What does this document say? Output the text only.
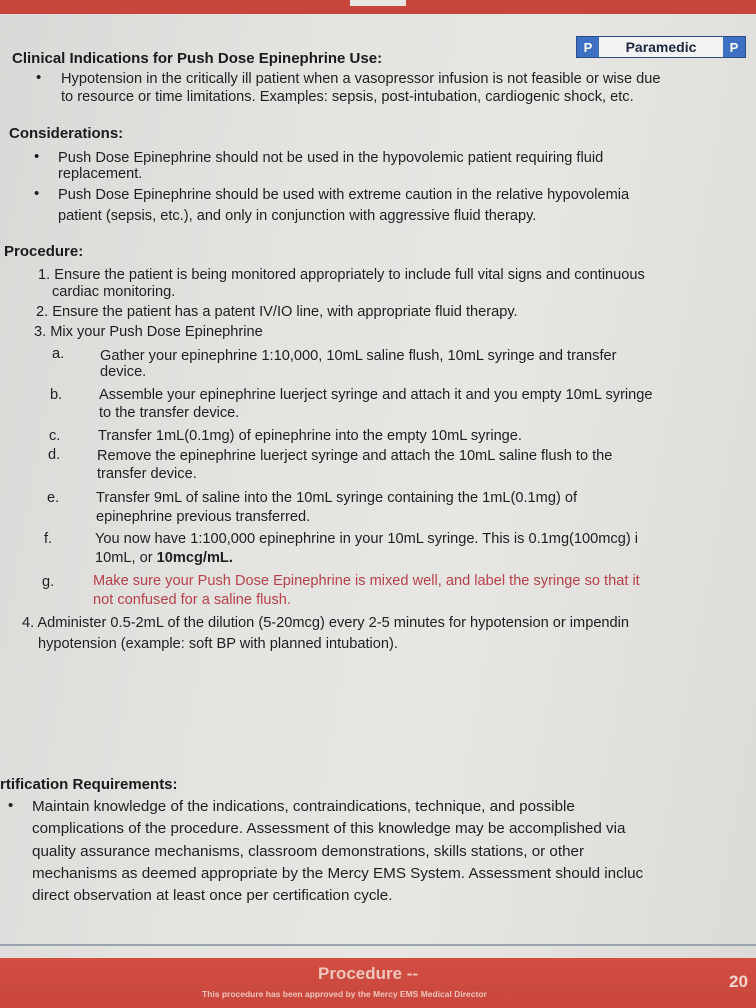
P	Paramedic	P
Clinical Indications for Push Dose Epinephrine Use:
• Hypotension in the critically ill patient when a vasopressor infusion is not feasible or wise due
to resource or time limitations. Examples: sepsis, post-intubation, cardiogenic shock, etc.
Considerations:
• Push Dose Epinephrine should not be used in the hypovolemic patient requiring fluid
replacement.
• Push Dose Epinephrine should be used with extreme caution in the relative hypovolemia
patient (sepsis, etc.), and only in conjunction with aggressive fluid therapy.
Procedure:
1. Ensure the patient is being monitored appropriately to include full vital signs and continuous
cardiac monitoring.
2. Ensure the patient has a patent IV/IO line, with appropriate fluid therapy.
3. Mix your Push Dose Epinephrine
a. Gather your epinephrine 1:10,000, 10mL saline flush, 10mL syringe and transfer
device.
b.	Assemble your epinephrine luerject syringe and attach it and you empty 10mL syringe
to the transfer device.
c.	Transfer 1mL(0.1mg) of epinephrine into the empty 10mL syringe.
d.	Remove the epinephrine luerject syringe and attach the 10mL saline flush to the
transfer device.
e.	Transfer 9mL of saline into the 10mL syringe containing the 1mL(0.1mg) of
epinephrine previous transferred.
f.	You now have 1:100,000 epinephrine in your 10mL syringe. This is 0.1mg(100mcg) i
10mL, or 10mcg/mL.
g.	Make sure your Push Dose Epinephrine is mixed well, and label the syringe so that it
not confused for a saline flush.
4. Administer 0.5-2mL of the dilution (5-20mcg) every 2-5 minutes for hypotension or impendin
hypotension (example: soft BP with planned intubation).
rtification Requirements:
• Maintain knowledge of the indications, contraindications, technique, and possible
complications of the procedure. Assessment of this knowledge may be accomplished via
quality assurance mechanisms, classroom demonstrations, skills stations, or other
mechanisms as deemed appropriate by the Mercy EMS System. Assessment should incluc
direct observation at least once per certification cycle.
Procedure --
This procedure has been approved by the Mercy EMS Medical Director
20
